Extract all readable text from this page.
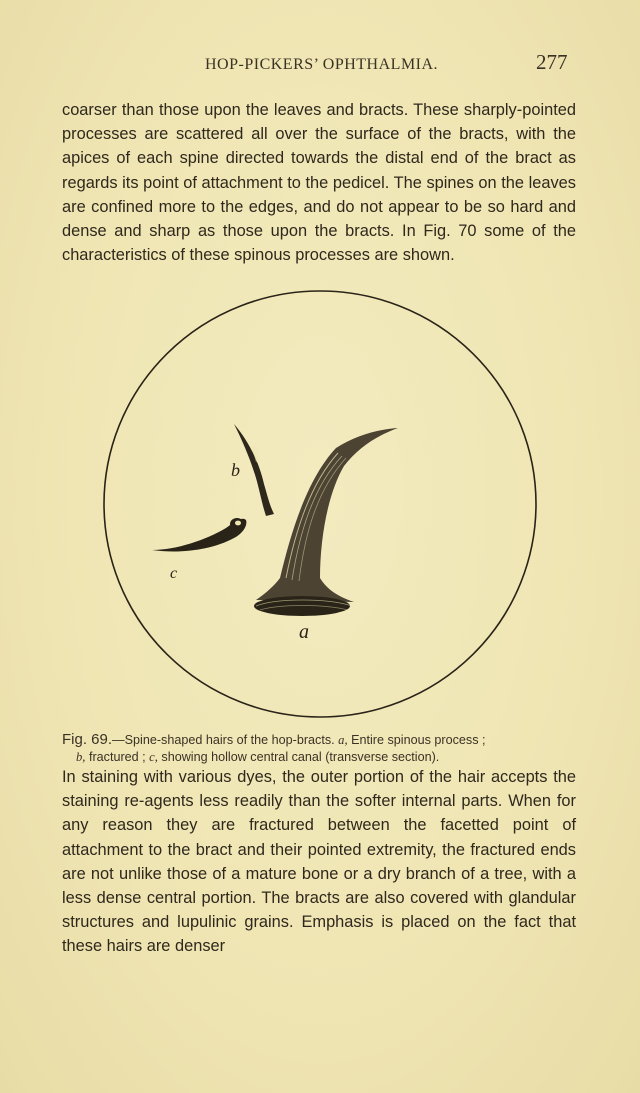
HOP-PICKERS’ OPHTHALMIA.	277

coarser than those upon the leaves and bracts. These sharply-pointed processes are scattered all over the surface of the bracts, with the apices of each spine directed towards the distal end of the bract as regards its point of attachment to the pedicel. The spines on the leaves are confined more to the edges, and do not appear to be so hard and dense and sharp as those upon the bracts. In Fig. 70 some of the characteristics of these spinous processes are shown.

a
b
c

Fig. 69.—Spine-shaped hairs of the hop-bracts. a, Entire spinous process ;
b, fractured ; c, showing hollow central canal (transverse section).

In staining with various dyes, the outer portion of the hair accepts the staining re-agents less readily than the softer internal parts. When for any reason they are fractured between the facetted point of attachment to the bract and their pointed extremity, the fractured ends are not unlike those of a mature bone or a dry branch of a tree, with a less dense central portion. The bracts are also covered with glandular structures and lupulinic grains. Emphasis is placed on the fact that these hairs are denser
